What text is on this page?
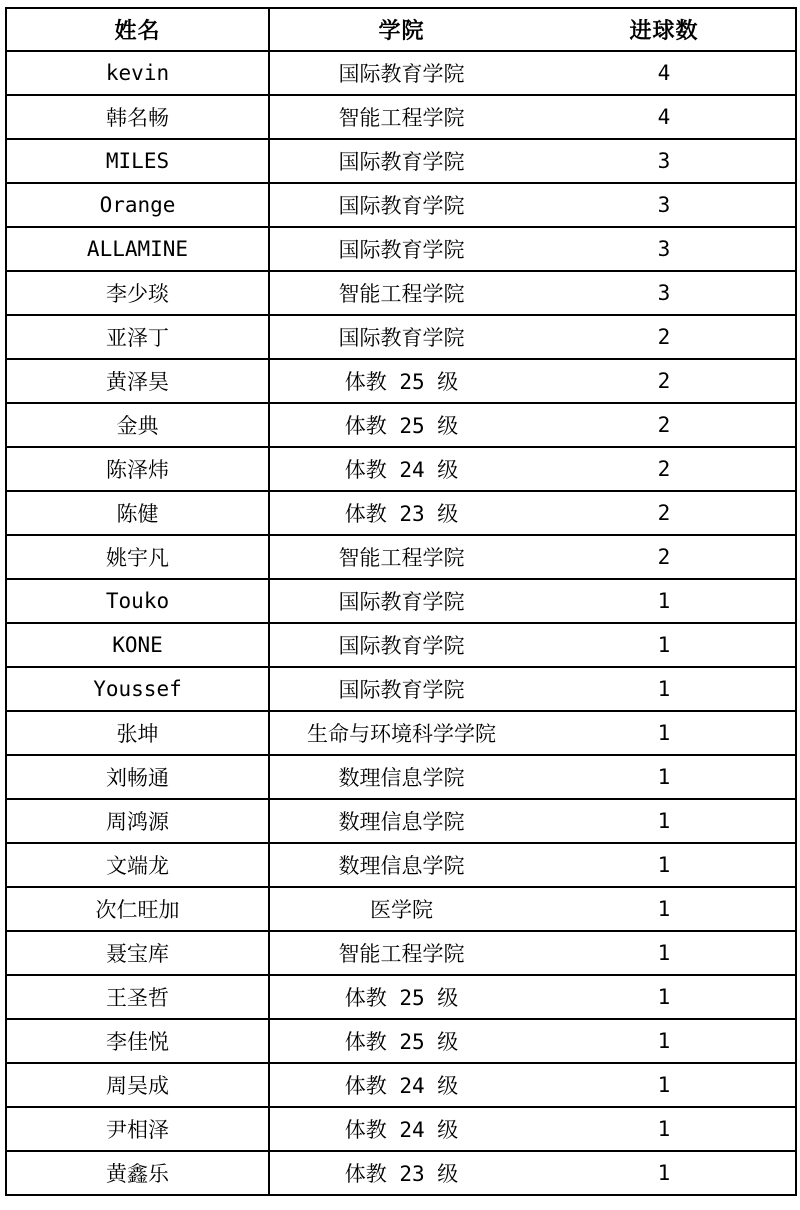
姓名	学院	进球数
kevin	国际教育学院	4
韩名畅	智能工程学院	4
MILES	国际教育学院	3
Orange	国际教育学院	3
ALLAMINE	国际教育学院	3
李少琰	智能工程学院	3
亚泽丁	国际教育学院	2
黄泽昊	体教 25 级	2
金典	体教 25 级	2
陈泽炜	体教 24 级	2
陈健	体教 23 级	2
姚宇凡	智能工程学院	2
Touko	国际教育学院	1
KONE	国际教育学院	1
Youssef	国际教育学院	1
张坤	生命与环境科学学院	1
刘畅通	数理信息学院	1
周鸿源	数理信息学院	1
文端龙	数理信息学院	1
次仁旺加	医学院	1
聂宝库	智能工程学院	1
王圣哲	体教 25 级	1
李佳悦	体教 25 级	1
周吴成	体教 24 级	1
尹相泽	体教 24 级	1
黄鑫乐	体教 23 级	1
